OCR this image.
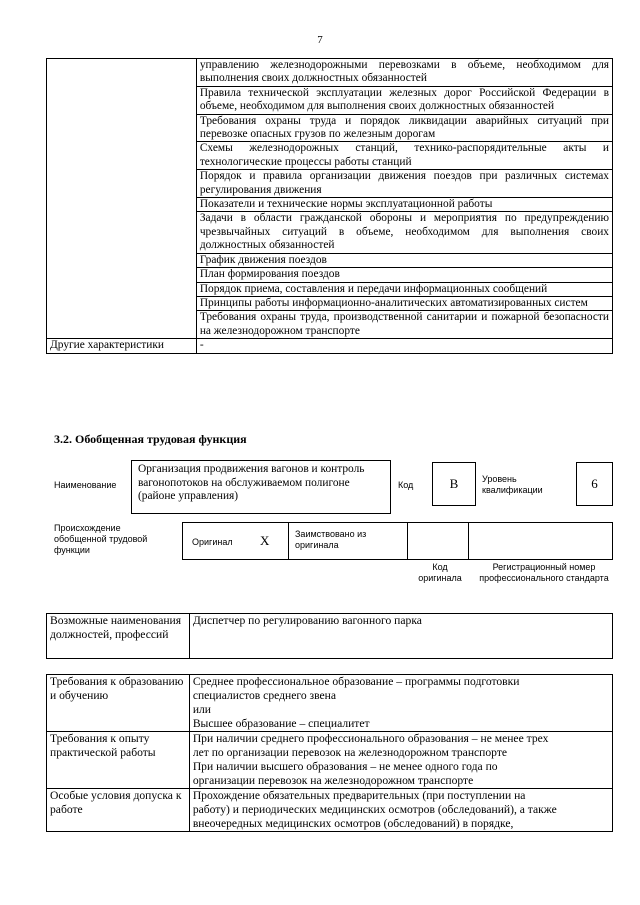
7
	управлению железнодорожными перевозками в объеме, необходимом для выполнения своих должностных обязанностей
	Правила технической эксплуатации железных дорог Российской Федерации в объеме, необходимом для выполнения своих должностных обязанностей
	Требования охраны труда и порядок ликвидации аварийных ситуаций при перевозке опасных грузов по железным дорогам
	Схемы железнодорожных станций, технико-распорядительные акты и технологические процессы работы станций
	Порядок и правила организации движения поездов при различных системах регулирования движения
	Показатели и технические нормы эксплуатационной работы
	Задачи в области гражданской обороны и мероприятия по предупреждению чрезвычайных ситуаций в объеме, необходимом для выполнения своих должностных обязанностей
	График движения поездов
	План формирования поездов
	Порядок приема, составления и передачи информационных сообщений
	Принципы работы информационно-аналитических автоматизированных систем
	Требования охраны труда, производственной санитарии и пожарной безопасности на железнодорожном транспорте
Другие характеристики	-
3.2. Обобщенная трудовая функция
Наименование
Организация продвижения вагонов и контроль вагонопотоков на обслуживаемом полигоне (районе управления)
Код	B	Уровень квалификации	6
Происхождение обобщенной трудовой функции
Оригинал X	Заимствовано из оригинала
Код оригинала
Регистрационный номер профессионального стандарта
Возможные наименования должностей, профессий	Диспетчер по регулированию вагонного парка
Требования к образованию и обучению	Среднее профессиональное образование – программы подготовки
специалистов среднего звена
или
Высшее образование – специалитет

Требования к опыту практической работы	При наличии среднего профессионального образования – не менее трех
лет по организации перевозок на железнодорожном транспорте
При наличии высшего образования – не менее одного года по
организации перевозок на железнодорожном транспорте

Особые условия допуска к работе	Прохождение обязательных предварительных (при поступлении на
работу) и периодических медицинских осмотров (обследований), а также
внеочередных медицинских осмотров (обследований) в порядке,
